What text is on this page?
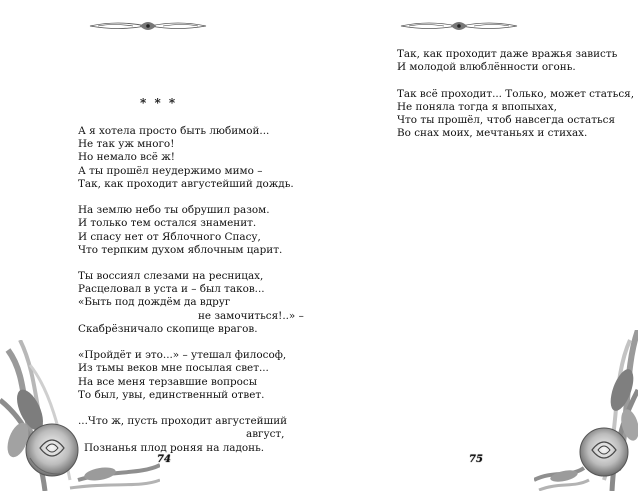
* * *
А я хотела просто быть любимой...
Не так уж много!
Но немало всё ж!
А ты прошёл неудержимо мимо –
Так, как проходит августейший дождь.
На землю небо ты обрушил разом.
И только тем остался знаменит.
И спасу нет от Яблочного Спасу,
Что терпким духом яблочным царит.
Ты воссиял слезами на ресницах,
Расцеловал в уста и – был таков...
«Быть под дождём да вдруг
не замочиться!..» –
Скабрёзничало скопище врагов.
«Пройдёт и это...» – утешал философ,
Из тьмы веков мне посылая свет...
На все меня терзавшие вопросы
То был, увы, единственный ответ.
...Что ж, пусть проходит августейший
август,
Познанья плод роняя на ладонь.
74
Так, как проходит даже вражья зависть
И молодой влюблённости огонь.
Так всё проходит... Только, может статься,
Не поняла тогда я впопыхах,
Что ты прошёл, чтоб навсегда остаться
Во снах моих, мечтаньях и стихах.
75
